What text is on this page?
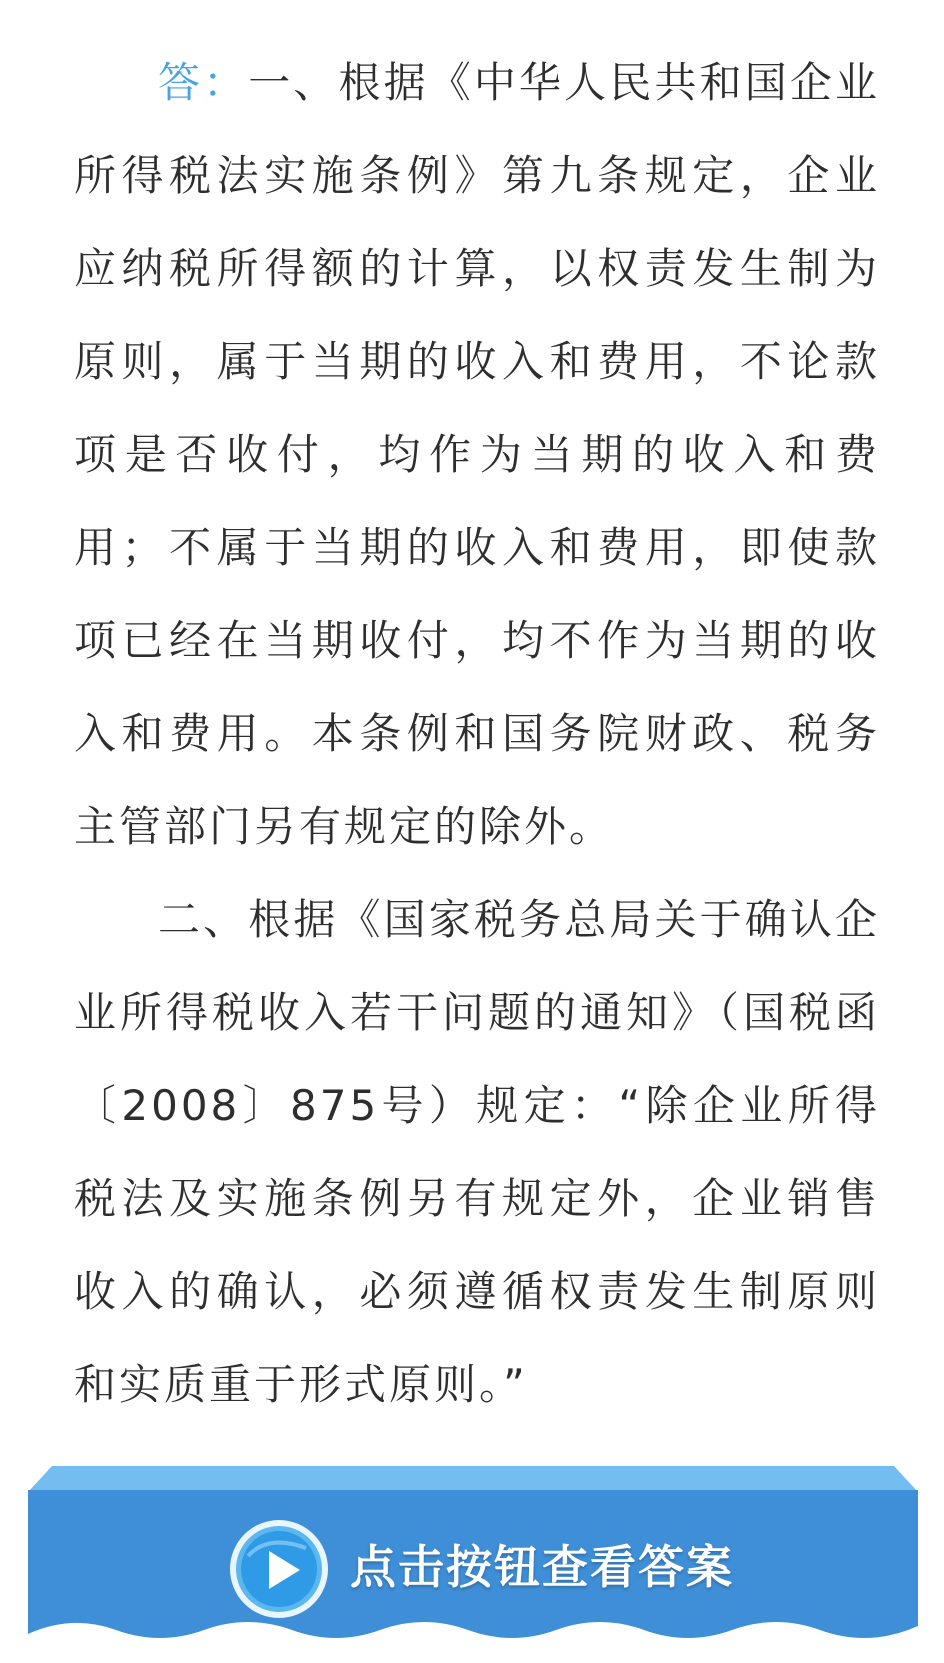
答：一、根据《中华人民共和国企业所得税法实施条例》第九条规定，企业应纳税所得额的计算，以权责发生制为原则，属于当期的收入和费用，不论款项是否收付，均作为当期的收入和费用；不属于当期的收入和费用，即使款项已经在当期收付，均不作为当期的收入和费用。本条例和国务院财政、税务主管部门另有规定的除外。

二、根据《国家税务总局关于确认企业所得税收入若干问题的通知》（国税函〔2008〕875号）规定：“除企业所得税法及实施条例另有规定外，企业销售收入的确认，必须遵循权责发生制原则和实质重于形式原则。”

点击按钮查看答案
